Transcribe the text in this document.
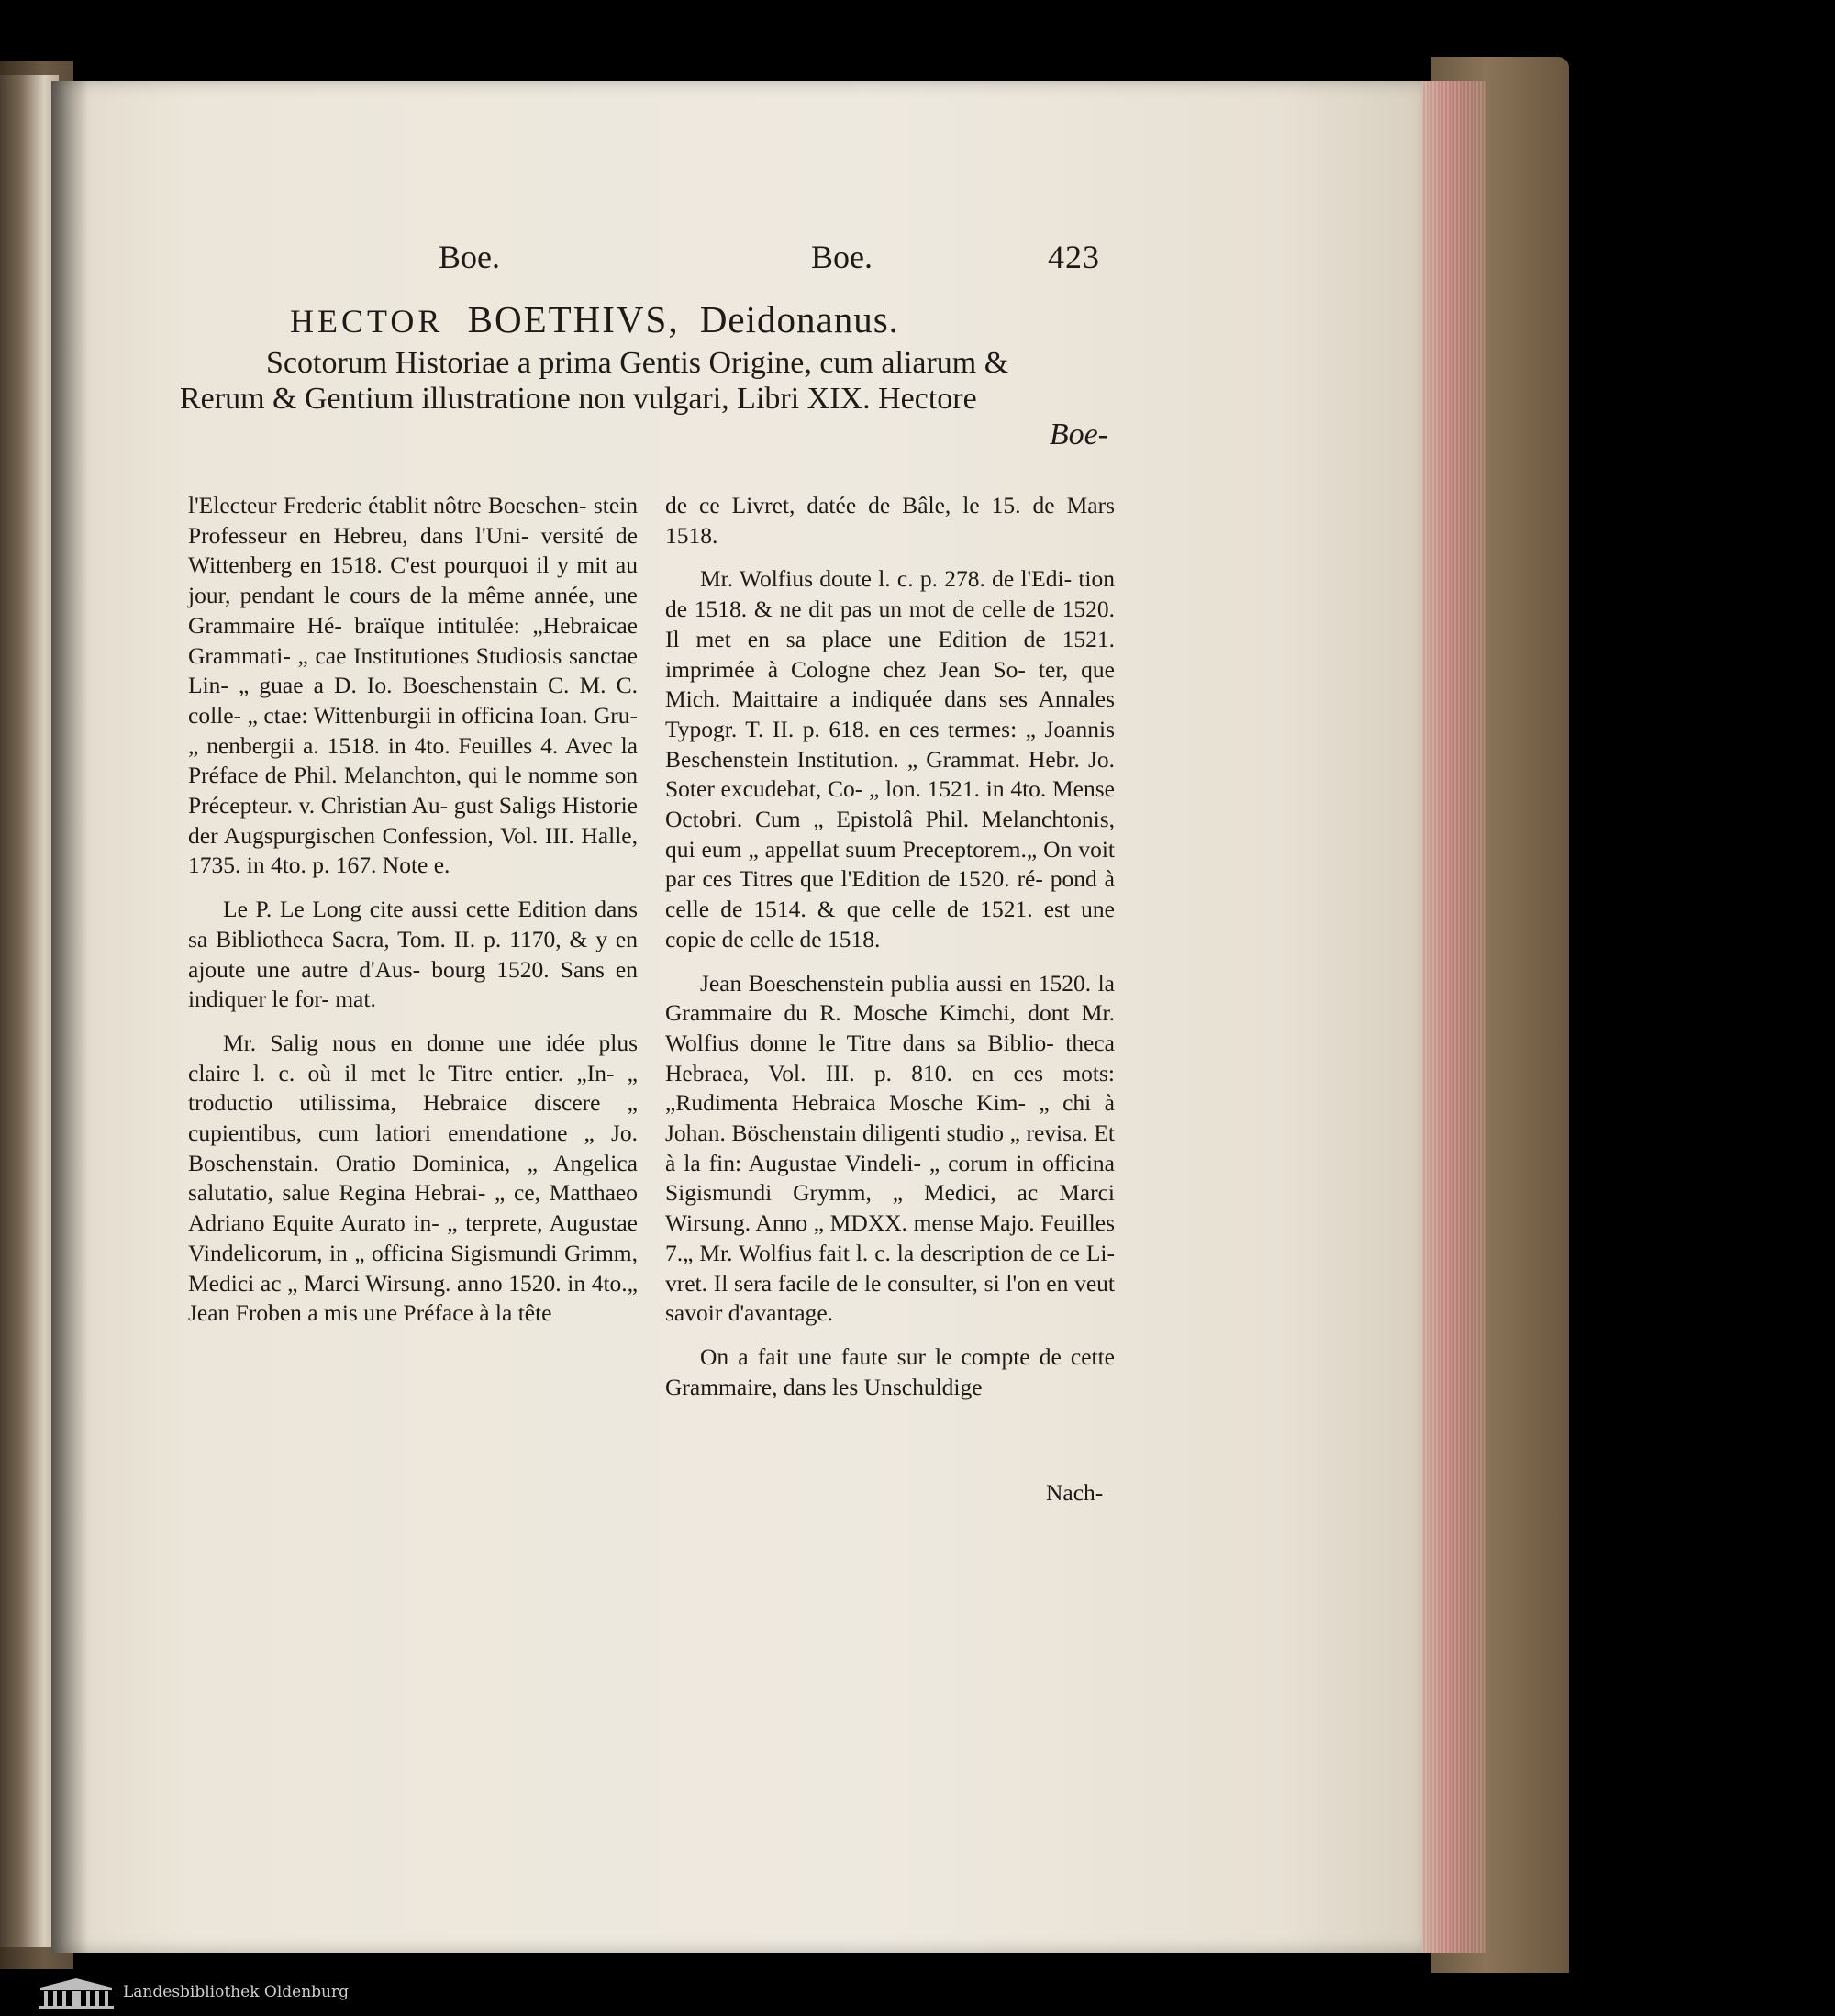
Boe.	Boe.	423
HECTOR BOETHIVS, Deidonanus.
Scotorum Historiae a prima Gentis Origine, cum aliarum &
Rerum & Gentium illustratione non vulgari, Libri XIX. Hectore
Boe-

l'Electeur Frederic établit nôtre Boeschen- stein Professeur en Hebreu, dans l'Uni- versité de Wittenberg en 1518. C'est pourquoi il y mit au jour, pendant le cours de la même année, une Grammaire Hé- braïque intitulée: „Hebraicae Grammati- „ cae Institutiones Studiosis sanctae Lin- „ guae a D. Io. Boeschenstain C. M. C. colle- „ ctae: Wittenburgii in officina Ioan. Gru- „ nenbergii a. 1518. in 4to. Feuilles 4. Avec la Préface de Phil. Melanchton, qui le nomme son Précepteur. v. Christian Au- gust Saligs Historie der Augspurgischen Confession, Vol. III. Halle, 1735. in 4to. p. 167. Note e.

Le P. Le Long cite aussi cette Edition dans sa Bibliotheca Sacra, Tom. II. p. 1170, & y en ajoute une autre d'Aus- bourg 1520. Sans en indiquer le for- mat.

Mr. Salig nous en donne une idée plus claire l. c. où il met le Titre entier. „In- „ troductio utilissima, Hebraice discere „ cupientibus, cum latiori emendatione „ Jo. Boschenstain. Oratio Dominica, „ Angelica salutatio, salue Regina Hebrai- „ ce, Matthaeo Adriano Equite Aurato in- „ terprete, Augustae Vindelicorum, in „ officina Sigismundi Grimm, Medici ac „ Marci Wirsung. anno 1520. in 4to.„ Jean Froben a mis une Préface à la tête

de ce Livret, datée de Bâle, le 15. de Mars 1518.

Mr. Wolfius doute l. c. p. 278. de l'Edi- tion de 1518. & ne dit pas un mot de celle de 1520. Il met en sa place une Edition de 1521. imprimée à Cologne chez Jean So- ter, que Mich. Maittaire a indiquée dans ses Annales Typogr. T. II. p. 618. en ces termes: „ Joannis Beschenstein Institution. „ Grammat. Hebr. Jo. Soter excudebat, Co- „ lon. 1521. in 4to. Mense Octobri. Cum „ Epistolâ Phil. Melanchtonis, qui eum „ appellat suum Preceptorem.„ On voit par ces Titres que l'Edition de 1520. ré- pond à celle de 1514. & que celle de 1521. est une copie de celle de 1518.

Jean Boeschenstein publia aussi en 1520. la Grammaire du R. Mosche Kimchi, dont Mr. Wolfius donne le Titre dans sa Biblio- theca Hebraea, Vol. III. p. 810. en ces mots: „Rudimenta Hebraica Mosche Kim- „ chi à Johan. Böschenstain diligenti studio „ revisa. Et à la fin: Augustae Vindeli- „ corum in officina Sigismundi Grymm, „ Medici, ac Marci Wirsung. Anno „ MDXX. mense Majo. Feuilles 7.„ Mr. Wolfius fait l. c. la description de ce Li- vret. Il sera facile de le consulter, si l'on en veut savoir d'avantage.

On a fait une faute sur le compte de cette Grammaire, dans les Unschuldige

Nach-
Landesbibliothek Oldenburg
